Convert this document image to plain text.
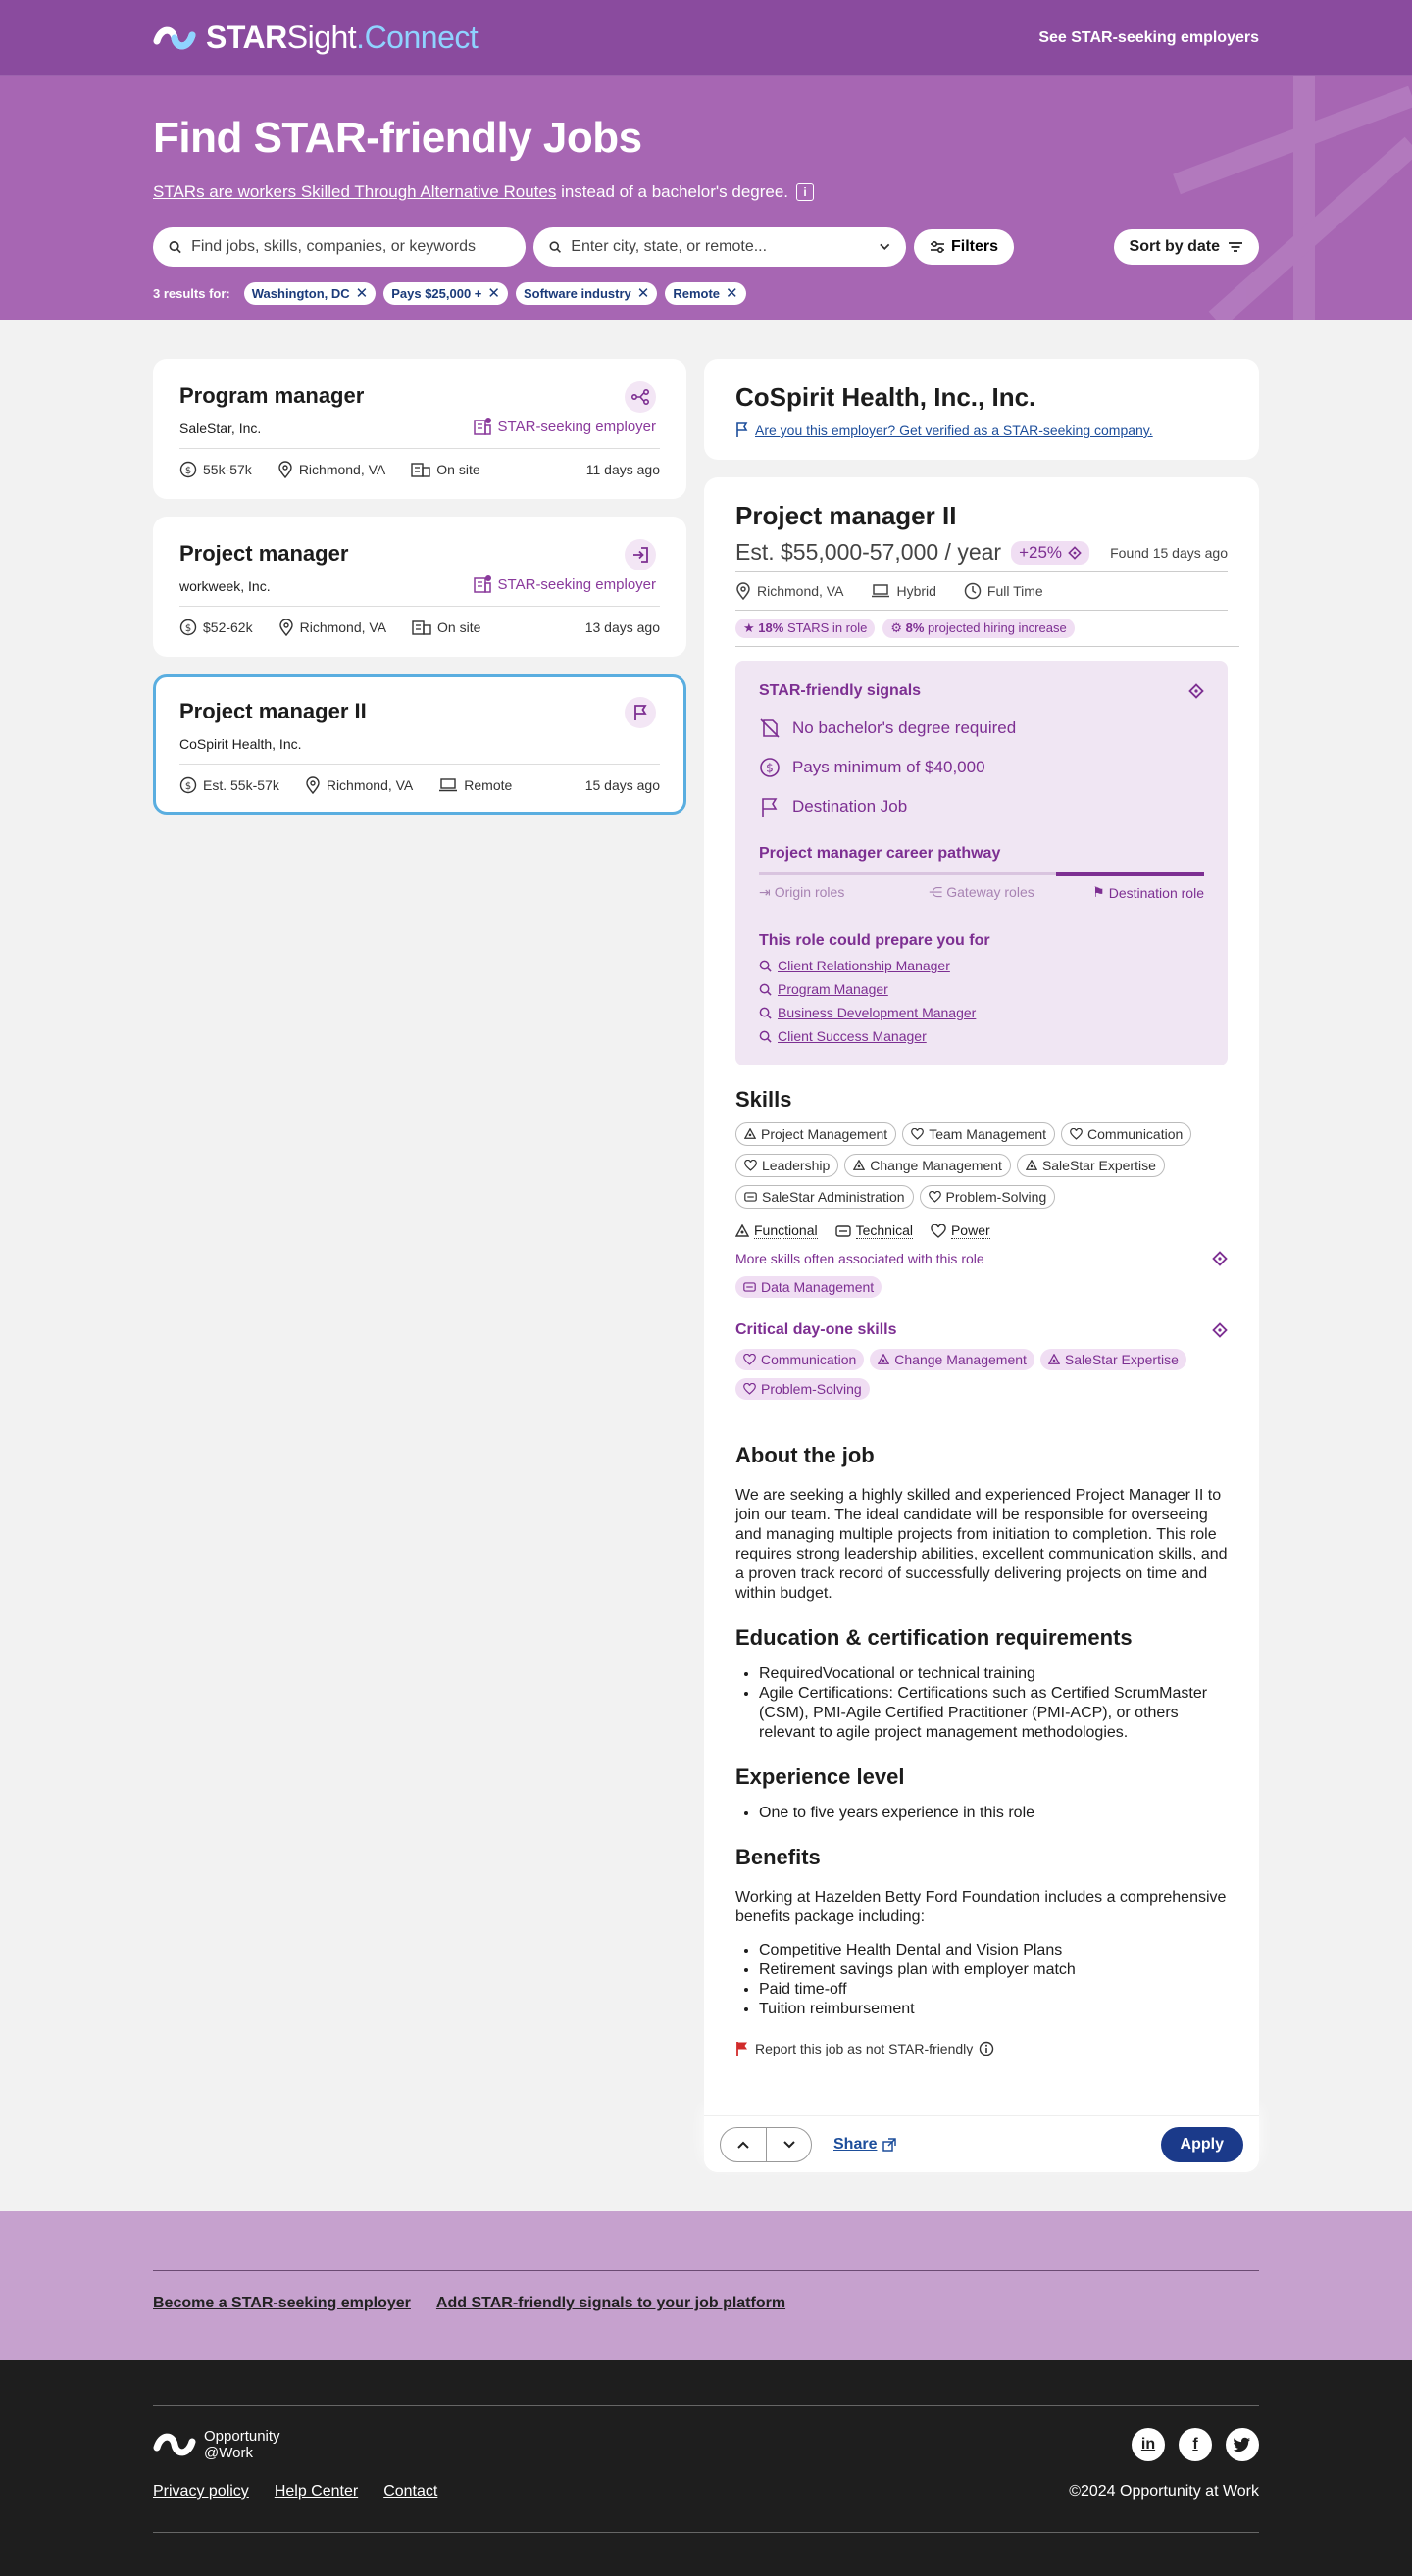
STARSight.Connect	See STAR-seeking employers
Find STAR-friendly Jobs
STARs are workers Skilled Through Alternative Routes instead of a bachelor's degree.	i
Find jobs, skills, companies, or keywords
Enter city, state, or remote...
Filters	Sort by date
3 results for: Washington, DC ✕ Pays $25,000 + ✕ Software industry ✕ Remote ✕
Program manager
SaleStar, Inc.	STAR-seeking employer
$ 55k-57k	Richmond, VA	On site	11 days ago
Project manager
workweek, Inc.	STAR-seeking employer
$ $52-62k	Richmond, VA	On site	13 days ago
Project manager II
CoSpirit Health, Inc.
$ Est. 55k-57k	Richmond, VA	Remote	15 days ago
CoSpirit Health, Inc., Inc.
Are you this employer? Get verified as a STAR-seeking company.
Project manager II
Est. $55,000-57,000 / year +25%	Found 15 days ago
Richmond, VA	Hybrid	Full Time
★ 18% STARS in role	⚙ 8% projected hiring increase
STAR-friendly signals
No bachelor's degree required
$ Pays minimum of $40,000
Destination Job
Project manager career pathway
⇥ Origin roles	⋲ Gateway roles	⚑ Destination role
This role could prepare you for
Client Relationship Manager
Program Manager
Business Development Manager
Client Success Manager
Skills
Project Management	Team Management	Communication
Leadership	Change Management	SaleStar Expertise
SaleStar Administration	Problem-Solving
Functional	Technical	Power
More skills often associated with this role
Data Management
Critical day-one skills
Communication	Change Management	SaleStar Expertise
Problem-Solving
About the job

We are seeking a highly skilled and experienced Project Manager II to join our team. The ideal candidate will be responsible for overseeing and managing multiple projects from initiation to completion. This role requires strong leadership abilities, excellent communication skills, and a proven track record of successfully delivering projects on time and within budget.

Education & certification requirements
• RequiredVocational or technical training
• Agile Certifications: Certifications such as Certified ScrumMaster (CSM), PMI-Agile Certified Practitioner (PMI-ACP), or others relevant to agile project management methodologies.
Experience level
• One to five years experience in this role
Benefits

Working at Hazelden Betty Ford Foundation includes a comprehensive benefits package including:

• Competitive Health Dental and Vision Plans
• Retirement savings plan with employer match
• Paid time-off
• Tuition reimbursement
Report this job as not STAR-friendly
Share	Apply
Become a STAR-seeking employer Add STAR-friendly signals to your job platform
Opportunity
@Work
in	f
Privacy policy Help Center Contact	©2024 Opportunity at Work
